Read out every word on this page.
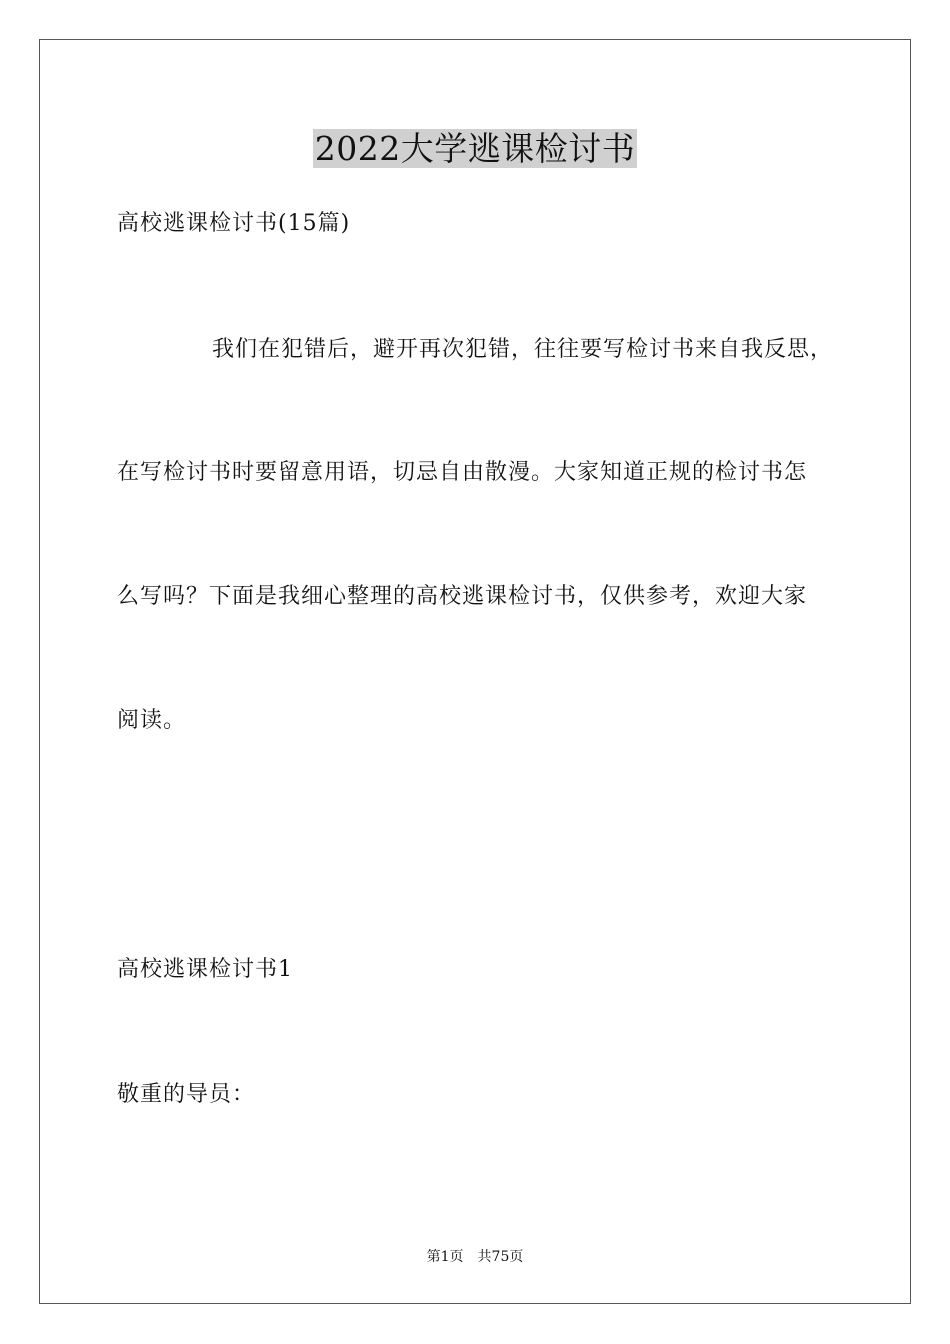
2022大学逃课检讨书
高校逃课检讨书(15篇)
我们在犯错后，避开再次犯错，往往要写检讨书来自我反思，
在写检讨书时要留意用语，切忌自由散漫。大家知道正规的检讨书怎
么写吗？下面是我细心整理的高校逃课检讨书，仅供参考，欢迎大家
阅读。
高校逃课检讨书1
敬重的导员：
第1页 共75页
